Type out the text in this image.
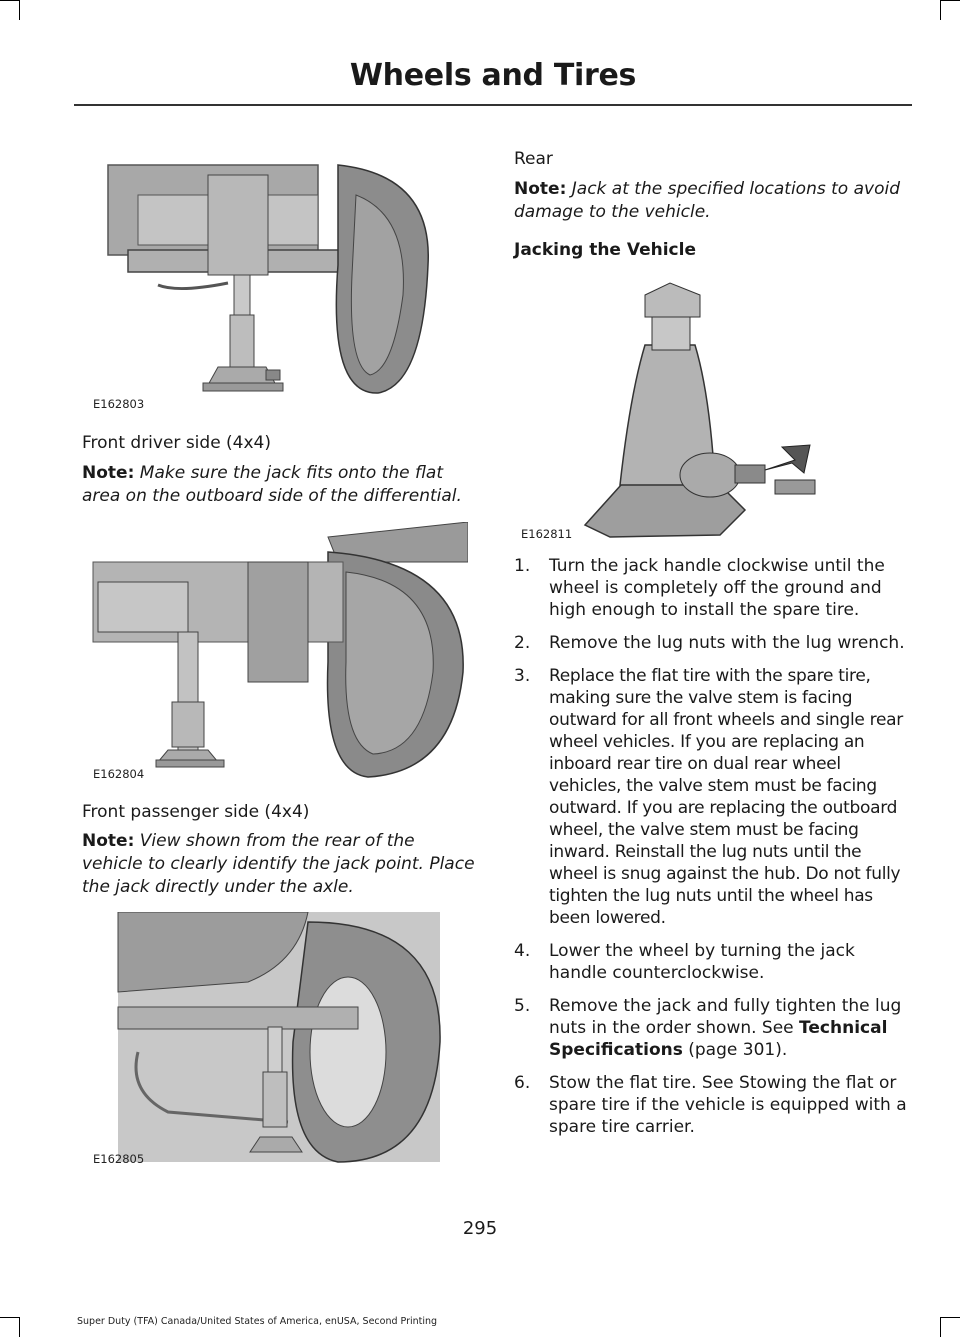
Wheels and Tires
E162803
Front driver side (4x4)
Note: Make sure the jack fits onto the flat area on the outboard side of the differential.
E162804
Front passenger side (4x4)
Note: View shown from the rear of the vehicle to clearly identify the jack point. Place the jack directly under the axle.
E162805
Rear
Note: Jack at the specified locations to avoid damage to the vehicle.
Jacking the Vehicle
E162811
1. Turn the jack handle clockwise until the wheel is completely off the ground and high enough to install the spare tire.
2. Remove the lug nuts with the lug wrench.
3. Replace the flat tire with the spare tire, making sure the valve stem is facing outward for all front wheels and single rear wheel vehicles. If you are replacing an inboard rear tire on dual rear wheel vehicles, the valve stem must be facing outward. If you are replacing the outboard wheel, the valve stem must be facing inward. Reinstall the lug nuts until the wheel is snug against the hub. Do not fully tighten the lug nuts until the wheel has been lowered.
4. Lower the wheel by turning the jack handle counterclockwise.
5. Remove the jack and fully tighten the lug nuts in the order shown. See Technical Specifications (page 301).
6. Stow the flat tire. See Stowing the flat or spare tire if the vehicle is equipped with a spare tire carrier.
295
Super Duty (TFA) Canada/United States of America, enUSA, Second Printing
